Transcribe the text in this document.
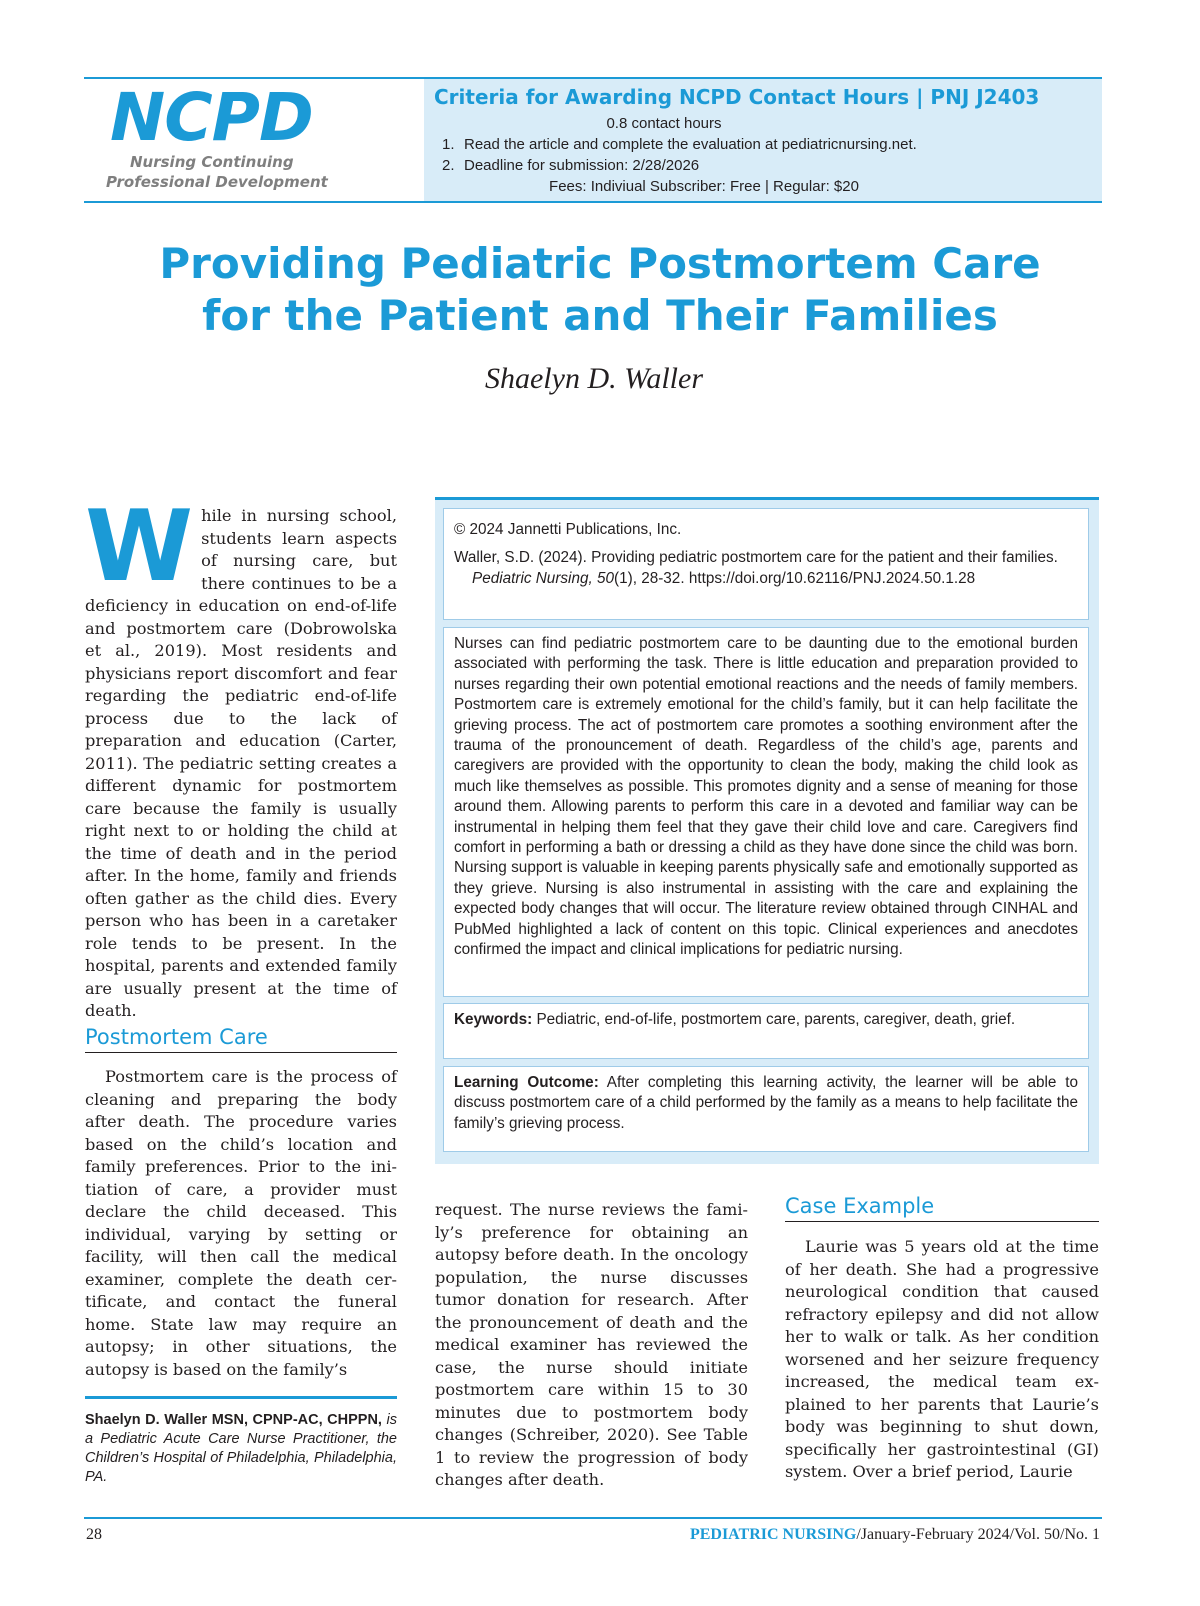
NCPD
Nursing Continuing
Professional Development
Criteria for Awarding NCPD Contact Hours | PNJ J2403
0.8 contact hours
1. Read the article and complete the evaluation at pediatricnursing.net.
2. Deadline for submission: 2/28/2026
Fees: Indiviual Subscriber: Free | Regular: $20
Providing Pediatric Postmortem Care
for the Patient and Their Families
Shaelyn D. Waller
W hile in nursing school, students learn aspects of nursing care, but there continues to be a deficiency in education on end-of-life and postmortem care (Dobrowolska et al., 2019). Most residents and physicians report discomfort and fear regarding the pediatric end-of-life process due to the lack of preparation and education (Carter, 2011). The pediatric setting creates a different dynamic for postmortem care because the family is usually right next to or holding the child at the time of death and in the period after. In the home, family and friends often gather as the child dies. Every person who has been in a caretaker role tends to be present. In the hospital, parents and extended family are usually present at the time of death.

Postmortem Care

Postmortem care is the process of cleaning and preparing the body after death. The procedure varies based on the child’s location and family preferences. Prior to the initiation of care, a provider must declare the child deceased. This individual, varying by setting or facility, will then call the medical examiner, complete the death certificate, and contact the funeral home. State law may require an autopsy; in other situations, the autopsy is based on the family’s

Shaelyn D. Waller MSN, CPNP-AC, CHPPN, is a Pediatric Acute Care Nurse Practitioner, the Children’s Hospital of Philadelphia, Philadelphia, PA.
© 2024 Jannetti Publications, Inc.
Waller, S.D. (2024). Providing pediatric postmortem care for the patient and their families. Pediatric Nursing, 50(1), 28-32. https://doi.org/10.62116/PNJ.2024.50.1.28
Nurses can find pediatric postmortem care to be daunting due to the emotional burden associated with performing the task. There is little education and preparation provided to nurses regarding their own potential emotional reactions and the needs of family members. Postmortem care is extremely emotional for the child’s family, but it can help facilitate the grieving process. The act of postmortem care promotes a soothing environment after the trauma of the pronouncement of death. Regardless of the child’s age, parents and caregivers are provided with the opportunity to clean the body, making the child look as much like themselves as possible. This promotes dignity and a sense of meaning for those around them. Allowing parents to perform this care in a devoted and familiar way can be instrumental in helping them feel that they gave their child love and care. Caregivers find comfort in performing a bath or dressing a child as they have done since the child was born. Nursing support is valuable in keeping parents physically safe and emotionally supported as they grieve. Nursing is also instrumental in assisting with the care and explaining the expected body changes that will occur. The literature review obtained through CINHAL and PubMed highlighted a lack of content on this topic. Clinical experiences and anecdotes confirmed the impact and clinical implications for pediatric nursing.
Keywords: Pediatric, end-of-life, postmortem care, parents, caregiver, death, grief.
Learning Outcome: After completing this learning activity, the learner will be able to discuss postmortem care of a child performed by the family as a means to help facilitate the family’s grieving process.

request. The nurse reviews the family’s preference for obtaining an autopsy before death. In the oncology population, the nurse discusses tumor donation for research. After the pronouncement of death and the medical examiner has reviewed the case, the nurse should initiate postmortem care within 15 to 30 minutes due to postmortem body changes (Schreiber, 2020). See Table 1 to review the progression of body changes after death.

Case Example

Laurie was 5 years old at the time of her death. She had a progressive neurological condition that caused refractory epilepsy and did not allow her to walk or talk. As her condition worsened and her seizure frequency increased, the medical team explained to her parents that Laurie’s body was beginning to shut down, specifically her gastrointestinal (GI) system. Over a brief period, Laurie

28	PEDIATRIC NURSING/January-February 2024/Vol. 50/No. 1
